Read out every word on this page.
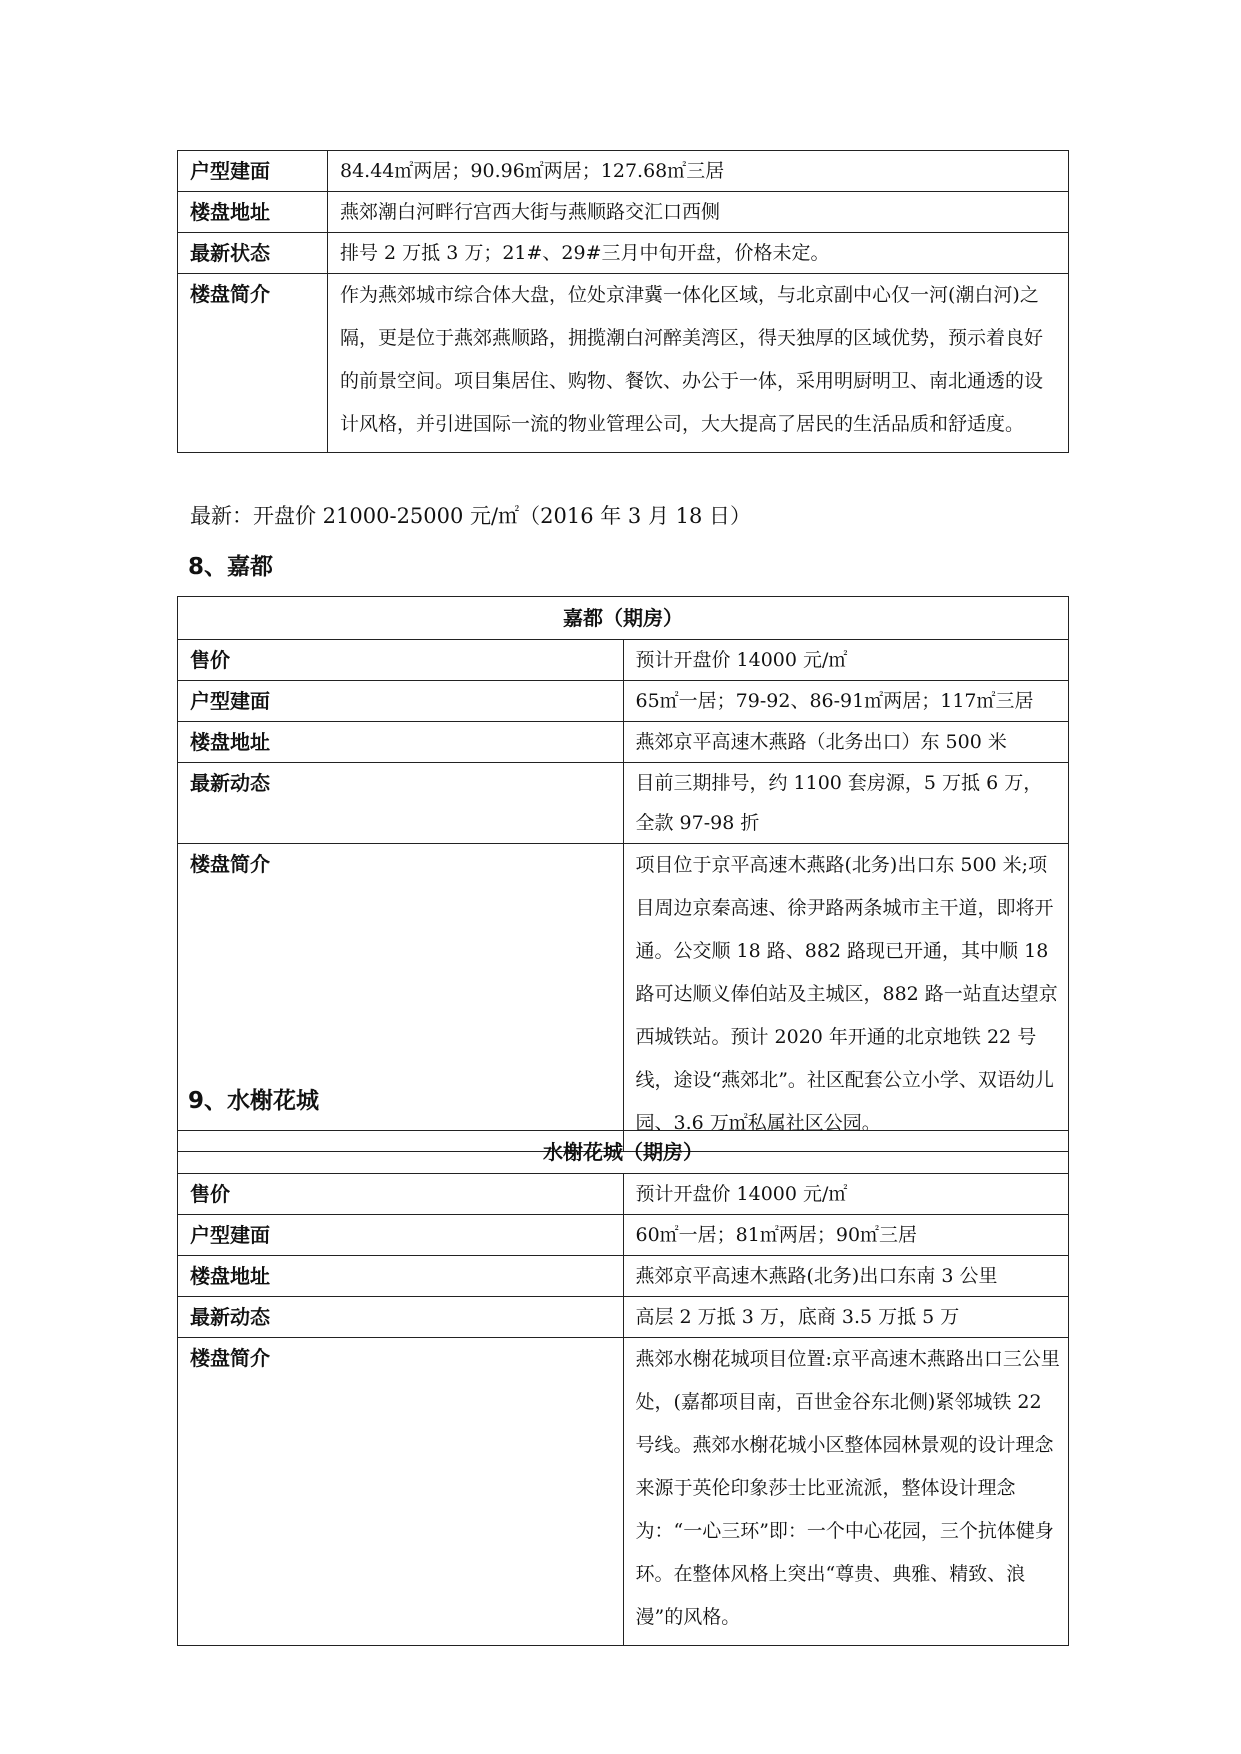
户型建面	84.44㎡两居；90.96㎡两居；127.68㎡三居
楼盘地址	燕郊潮白河畔行宫西大街与燕顺路交汇口西侧
最新状态	排号 2 万抵 3 万；21#、29#三月中旬开盘，价格未定。
楼盘简介	作为燕郊城市综合体大盘，位处京津冀一体化区域，与北京副中心仅一河(潮白河)之隔，更是位于燕郊燕顺路，拥揽潮白河醉美湾区，得天独厚的区域优势，预示着良好的前景空间。项目集居住、购物、餐饮、办公于一体，采用明厨明卫、南北通透的设计风格，并引进国际一流的物业管理公司，大大提高了居民的生活品质和舒适度。
最新：开盘价 21000-25000 元/㎡（2016 年 3 月 18 日）
8、嘉都
嘉都（期房）	
售价	预计开盘价 14000 元/㎡
户型建面	65㎡一居；79-92、86-91㎡两居；117㎡三居
楼盘地址	燕郊京平高速木燕路（北务出口）东 500 米
最新动态	目前三期排号，约 1100 套房源，5 万抵 6 万，全款 97-98 折
楼盘简介	项目位于京平高速木燕路(北务)出口东 500 米;项目周边京秦高速、徐尹路两条城市主干道，即将开通。公交顺 18 路、882 路现已开通，其中顺 18 路可达顺义俸伯站及主城区，882 路一站直达望京西城铁站。预计 2020 年开通的北京地铁 22 号线，途设“燕郊北”。社区配套公立小学、双语幼儿园、3.6 万㎡私属社区公园。
9、水榭花城
水榭花城（期房）	
售价	预计开盘价 14000 元/㎡
户型建面	60㎡一居；81㎡两居；90㎡三居
楼盘地址	燕郊京平高速木燕路(北务)出口东南 3 公里
最新动态	高层 2 万抵 3 万，底商 3.5 万抵 5 万
楼盘简介	燕郊水榭花城项目位置:京平高速木燕路出口三公里处，(嘉都项目南，百世金谷东北侧)紧邻城铁 22 号线。燕郊水榭花城小区整体园林景观的设计理念来源于英伦印象莎士比亚流派，整体设计理念为：“一心三环”即：一个中心花园，三个抗体健身环。在整体风格上突出“尊贵、典雅、精致、浪漫”的风格。
